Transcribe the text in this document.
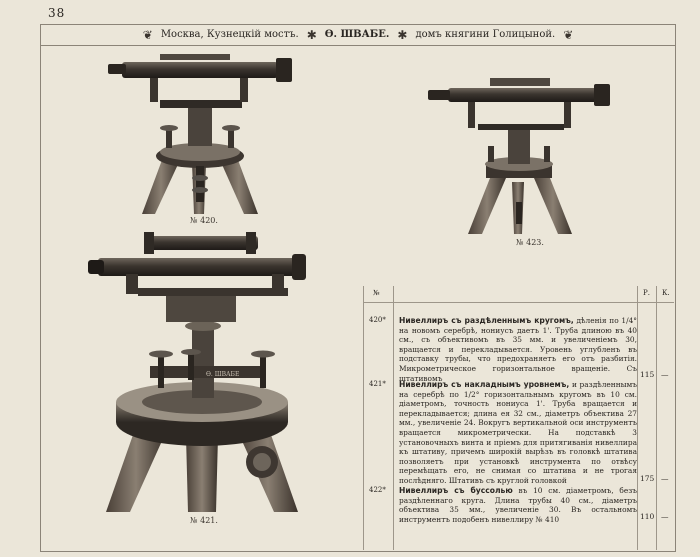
38
❦ Москва, Кузнецкій мостъ. ✱ Ѳ. ШВАБЕ. ✱ домъ княгини Голицыной. ❦
№ 420.
№ 423.
Ѳ. ШВАБЕ
№ 421.
№	Р. К.
420* Нивеллиръ съ раздѣленнымъ кругомъ, дѣленія по 1/4° на новомъ серебрѣ, нониусъ даетъ 1'. Труба длиною въ 40 см., съ объективомъ въ 35 мм. и увеличеніемъ 30, вращается и перекладывается. Уровень углубленъ въ подставку трубы, что предохраняетъ его отъ разбитія. Микрометрическое горизонтальное вращеніе. Съ штативомъ	115 —
421* Нивеллиръ съ накладнымъ уровнемъ, и раздѣленнымъ на серебрѣ по 1/2° горизонтальнымъ кругомъ въ 10 см. діаметромъ, точность нониуса 1'. Труба вращается и перекладывается; длина ея 32 см., діаметръ объектива 27 мм., увеличеніе 24. Вокругъ вертикальной оси инструментъ вращается микрометрически. На подставкѣ 3 установочныхъ винта и пріемъ для притягиванія нивеллира къ штативу, причемъ широкій вырѣзъ въ головкѣ штатива позволяетъ при установкѣ инструмента по отвѣсу перемѣщать его, не снимая со штатива и не трогая послѣдняго. Штативъ съ круглой головкой	175 —
422* Нивеллиръ съ буссолью въ 10 см. діаметромъ, безъ раздѣленнаго круга. Длина трубы 40 см., діаметръ объектива 35 мм., увеличеніе 30. Въ остальномъ инструментъ подобенъ нивеллиру № 410	110 —
